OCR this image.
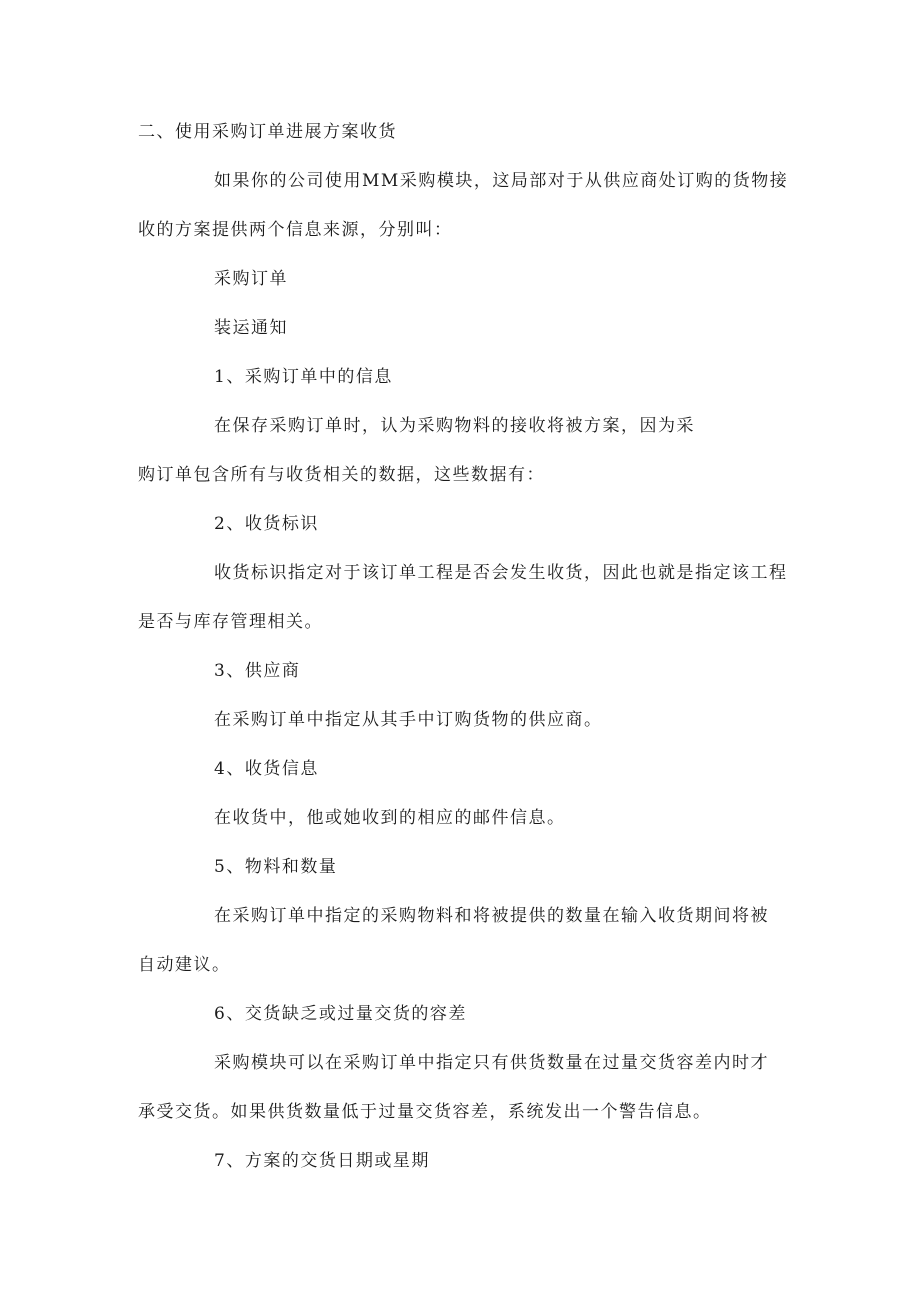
二、使用采购订单进展方案收货
如果你的公司使用MM采购模块，这局部对于从供应商处订购的货物接
收的方案提供两个信息来源，分别叫：
采购订单
装运通知
1、采购订单中的信息
在保存采购订单时，认为采购物料的接收将被方案，因为采
购订单包含所有与收货相关的数据，这些数据有：
2、收货标识
收货标识指定对于该订单工程是否会发生收货，因此也就是指定该工程
是否与库存管理相关。
3、供应商
在采购订单中指定从其手中订购货物的供应商。
4、收货信息
在收货中，他或她收到的相应的邮件信息。
5、物料和数量
在采购订单中指定的采购物料和将被提供的数量在输入收货期间将被
自动建议。
6、交货缺乏或过量交货的容差
采购模块可以在采购订单中指定只有供货数量在过量交货容差内时才
承受交货。如果供货数量低于过量交货容差，系统发出一个警告信息。
7、方案的交货日期或星期
